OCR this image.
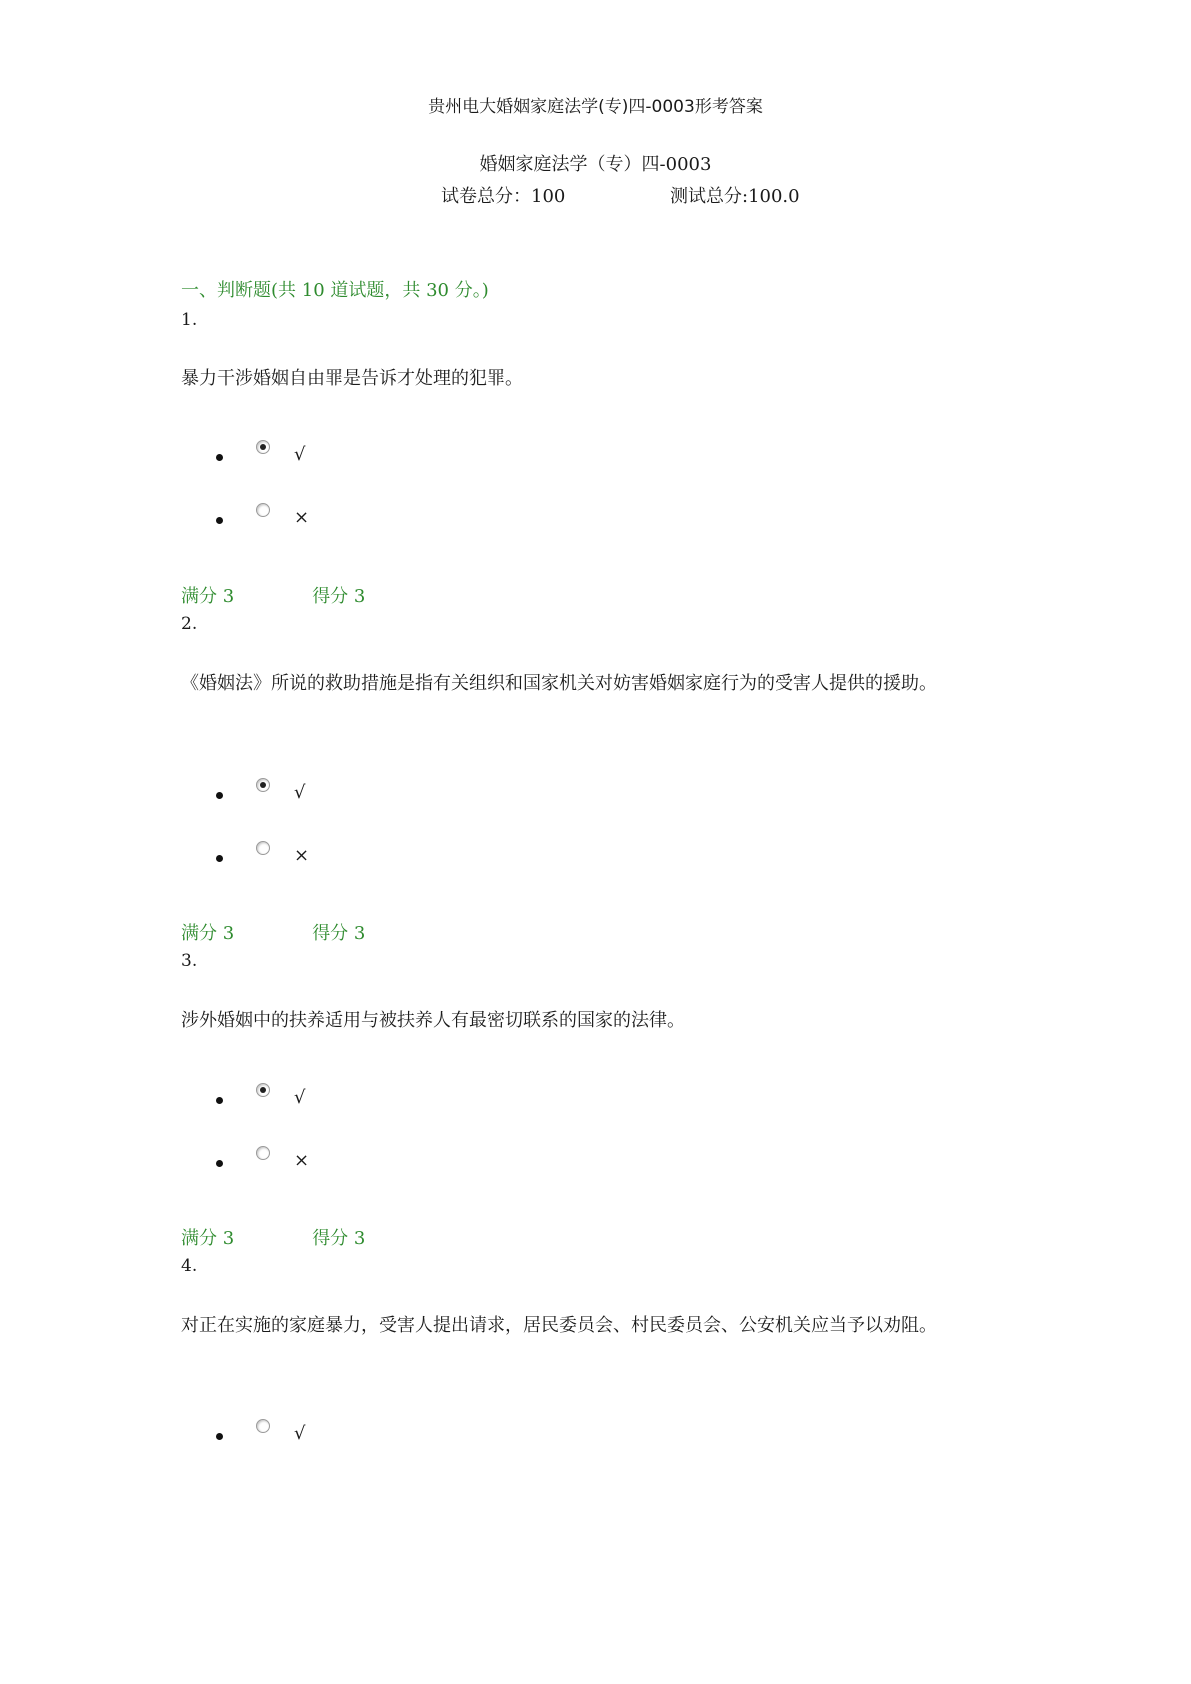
贵州电大婚姻家庭法学(专)四-0003形考答案
婚姻家庭法学（专）四-0003
试卷总分：100	测试总分:100.0
一、判断题(共 10 道试题，共 30 分。)
1.
暴力干涉婚姻自由罪是告诉才处理的犯罪。
√
×
满分 3	得分 3
2.
《婚姻法》所说的救助措施是指有关组织和国家机关对妨害婚姻家庭行为的受害人提供的援助。
√
×
满分 3	得分 3
3.
涉外婚姻中的扶养适用与被扶养人有最密切联系的国家的法律。
√
×
满分 3	得分 3
4.
对正在实施的家庭暴力，受害人提出请求，居民委员会、村民委员会、公安机关应当予以劝阻。
√
